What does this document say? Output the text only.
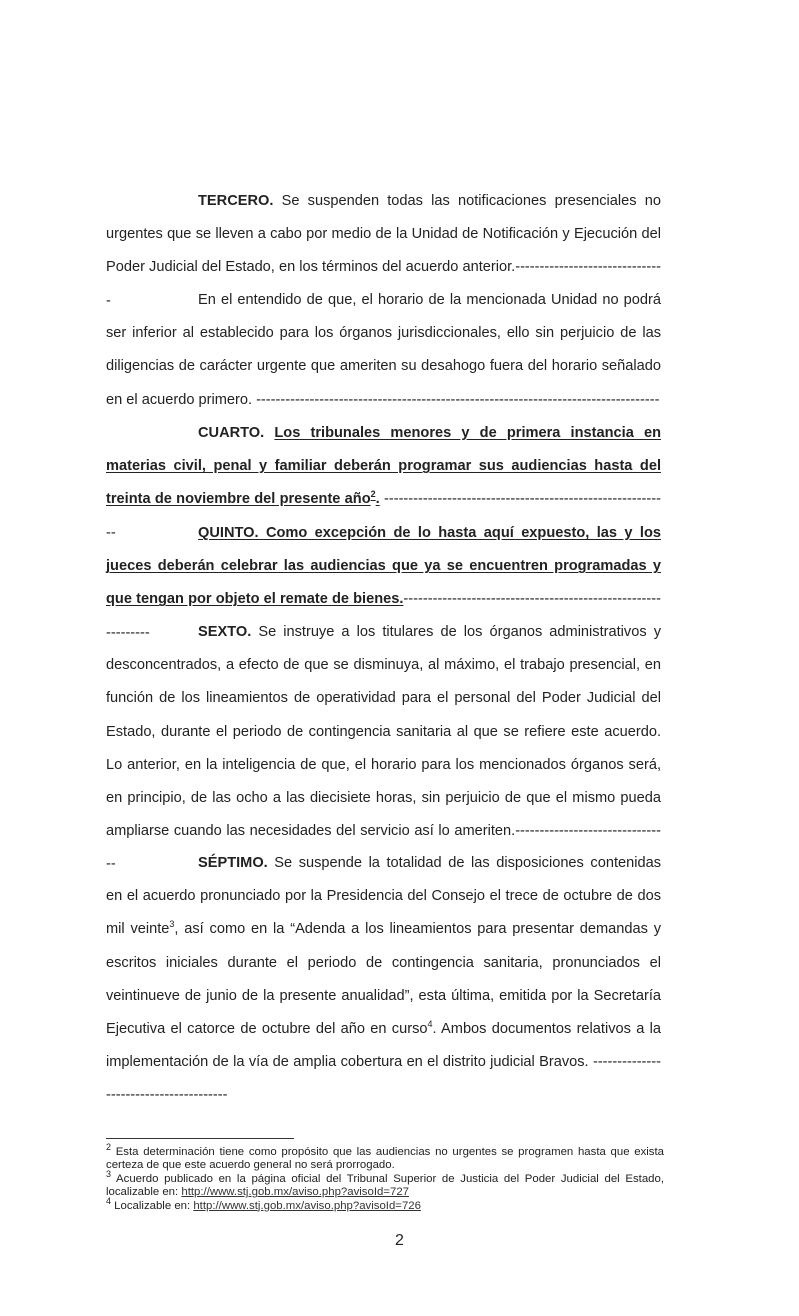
TERCERO. Se suspenden todas las notificaciones presenciales no urgentes que se lleven a cabo por medio de la Unidad de Notificación y Ejecución del Poder Judicial del Estado, en los términos del acuerdo anterior.-------------------------------	En el entendido de que, el horario de la mencionada Unidad no podrá ser inferior al establecido para los órganos jurisdiccionales, ello sin perjuicio de las diligencias de carácter urgente que ameriten su desahogo fuera del horario señalado en el acuerdo primero. -----------------------------------------------------------------------------------
CUARTO. Los tribunales menores y de primera instancia en materias civil, penal y familiar deberán programar sus audiencias hasta del treinta de noviembre del presente año$^2$. -----------------------------------------------------------	QUINTO. Como excepción de lo hasta aquí expuesto, las y los jueces deberán celebrar las audiencias que ya se encuentren programadas y que tengan por objeto el remate de bienes.--------------------------------------------------------------	SEXTO. Se instruye a los titulares de los órganos administrativos y desconcentrados, a efecto de que se disminuya, al máximo, el trabajo presencial, en función de los lineamientos de operatividad para el personal del Poder Judicial del Estado, durante el periodo de contingencia sanitaria al que se refiere este acuerdo. Lo anterior, en la inteligencia de que, el horario para los mencionados órganos será, en principio, de las ocho a las diecisiete horas, sin perjuicio de que el mismo pueda ampliarse cuando las necesidades del servicio así lo ameriten.--------------------------------	SÉPTIMO. Se suspende la totalidad de las disposiciones contenidas en el acuerdo pronunciado por la Presidencia del Consejo el trece de octubre de dos mil veinte$^3$, así como en la “Adenda a los lineamientos para presentar demandas y escritos iniciales durante el periodo de contingencia sanitaria, pronunciados el veintinueve de junio de la presente anualidad”, esta última, emitida por la Secretaría Ejecutiva el catorce de octubre del año en curso$^4$. Ambos documentos relativos a la implementación de la vía de amplia cobertura en el distrito judicial Bravos. ---------------------------------------
$^2$ Esta determinación tiene como propósito que las audiencias no urgentes se programen hasta que exista certeza de que este acuerdo general no será prorrogado.
$^3$ Acuerdo publicado en la página oficial del Tribunal Superior de Justicia del Poder Judicial del Estado, localizable en: http://www.stj.gob.mx/aviso.php?avisoId=727
$^4$ Localizable en: http://www.stj.gob.mx/aviso.php?avisoId=726
2
